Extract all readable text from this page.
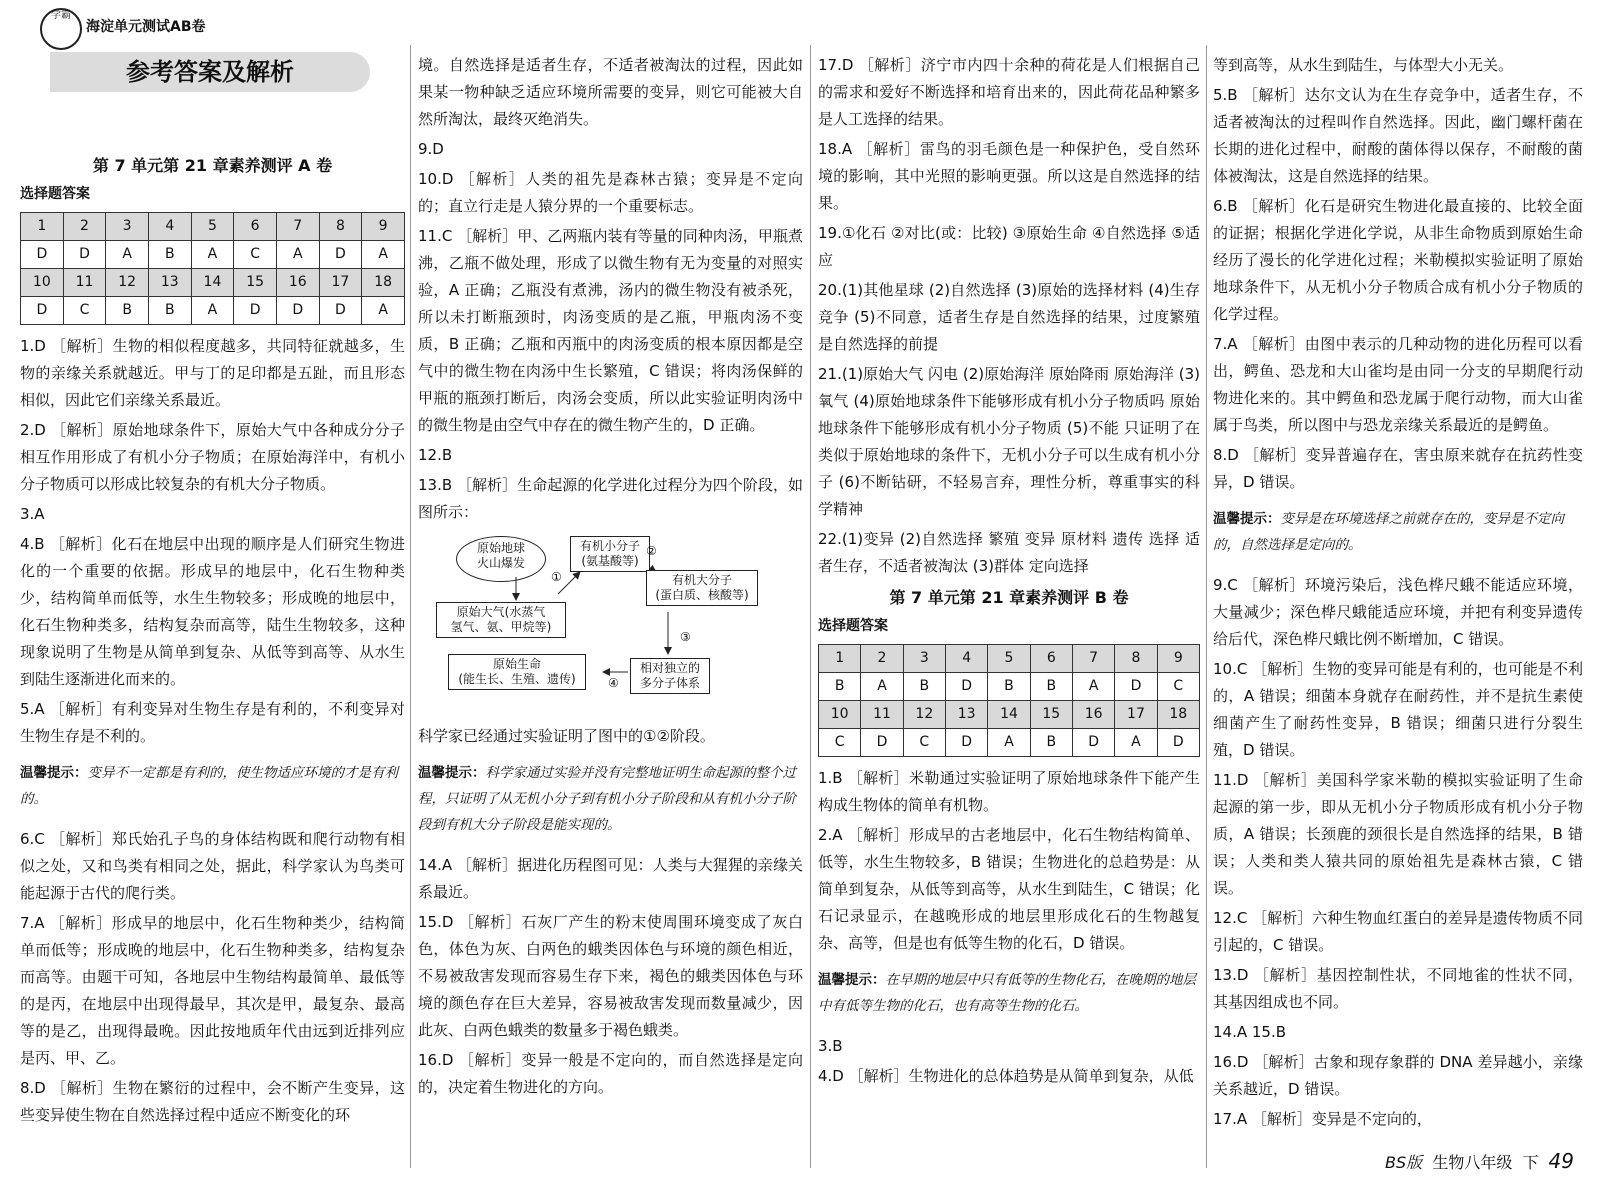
学霸
海淀单元测试AB卷
参考答案及解析
第 7 单元第 21 章素养测评 A 卷
选择题答案
1	2	3	4	5	6	7	8	9
D	D	A	B	A	C	A	D	A
10	11	12	13	14	15	16	17	18
D	C	B	B	A	D	D	D	A

1.D ［解析］生物的相似程度越多，共同特征就越多，生物的亲缘关系就越近。甲与丁的足印都是五趾，而且形态相似，因此它们亲缘关系最近。

2.D ［解析］原始地球条件下，原始大气中各种成分分子相互作用形成了有机小分子物质；在原始海洋中，有机小分子物质可以形成比较复杂的有机大分子物质。

3.A

4.B ［解析］化石在地层中出现的顺序是人们研究生物进化的一个重要的依据。形成早的地层中，化石生物种类少，结构简单而低等，水生生物较多；形成晚的地层中，化石生物种类多，结构复杂而高等，陆生生物较多，这种现象说明了生物是从简单到复杂、从低等到高等、从水生到陆生逐渐进化而来的。

5.A ［解析］有利变异对生物生存是有利的，不利变异对生物生存是不利的。

温馨提示：变异不一定都是有利的，使生物适应环境的才是有利的。

6.C ［解析］郑氏始孔子鸟的身体结构既和爬行动物有相似之处，又和鸟类有相同之处，据此，科学家认为鸟类可能起源于古代的爬行类。

7.A ［解析］形成早的地层中，化石生物种类少，结构简单而低等；形成晚的地层中，化石生物种类多，结构复杂而高等。由题干可知，各地层中生物结构最简单、最低等的是丙，在地层中出现得最早，其次是甲，最复杂、最高等的是乙，出现得最晚。因此按地质年代由远到近排列应是丙、甲、乙。

8.D ［解析］生物在繁衍的过程中，会不断产生变异，这些变异使生物在自然选择过程中适应不断变化的环

境。自然选择是适者生存，不适者被淘汰的过程，因此如果某一物种缺乏适应环境所需要的变异，则它可能被大自然所淘汰，最终灭绝消失。

9.D

10.D ［解析］人类的祖先是森林古猿；变异是不定向的；直立行走是人猿分界的一个重要标志。

11.C ［解析］甲、乙两瓶内装有等量的同种肉汤，甲瓶煮沸，乙瓶不做处理，形成了以微生物有无为变量的对照实验，A 正确；乙瓶没有煮沸，汤内的微生物没有被杀死，所以未打断瓶颈时，肉汤变质的是乙瓶，甲瓶肉汤不变质，B 正确；乙瓶和丙瓶中的肉汤变质的根本原因都是空气中的微生物在肉汤中生长繁殖，C 错误；将肉汤保鲜的甲瓶的瓶颈打断后，肉汤会变质，所以此实验证明肉汤中的微生物是由空气中存在的微生物产生的，D 正确。

12.B

13.B ［解析］生命起源的化学进化过程分为四个阶段，如图所示：

原始地球
火山爆发
有机小分子
(氨基酸等)
有机大分子
(蛋白质、核酸等)
原始大气(水蒸气
氢气、氨、甲烷等)
相对独立的
多分子体系
原始生命
(能生长、生殖、遗传)
①
②
③
④

科学家已经通过实验证明了图中的①②阶段。

温馨提示：科学家通过实验并没有完整地证明生命起源的整个过程，只证明了从无机小分子到有机小分子阶段和从有机小分子阶段到有机大分子阶段是能实现的。

14.A ［解析］据进化历程图可见：人类与大猩猩的亲缘关系最近。

15.D ［解析］石灰厂产生的粉末使周围环境变成了灰白色，体色为灰、白两色的蛾类因体色与环境的颜色相近，不易被敌害发现而容易生存下来，褐色的蛾类因体色与环境的颜色存在巨大差异，容易被敌害发现而数量减少，因此灰、白两色蛾类的数量多于褐色蛾类。

16.D ［解析］变异一般是不定向的，而自然选择是定向的，决定着生物进化的方向。

17.D ［解析］济宁市内四十余种的荷花是人们根据自己的需求和爱好不断选择和培育出来的，因此荷花品种繁多是人工选择的结果。

18.A ［解析］雷鸟的羽毛颜色是一种保护色，受自然环境的影响，其中光照的影响更强。所以这是自然选择的结果。

19.①化石 ②对比(或：比较) ③原始生命 ④自然选择 ⑤适应

20.(1)其他星球 (2)自然选择 (3)原始的选择材料 (4)生存竞争 (5)不同意，适者生存是自然选择的结果，过度繁殖是自然选择的前提

21.(1)原始大气 闪电 (2)原始海洋 原始降雨 原始海洋 (3)氧气 (4)原始地球条件下能够形成有机小分子物质吗 原始地球条件下能够形成有机小分子物质 (5)不能 只证明了在类似于原始地球的条件下，无机小分子可以生成有机小分子 (6)不断钻研，不轻易言弃，理性分析，尊重事实的科学精神

22.(1)变异 (2)自然选择 繁殖 变异 原材料 遗传 选择 适者生存，不适者被淘汰 (3)群体 定向选择

第 7 单元第 21 章素养测评 B 卷
选择题答案
1	2	3	4	5	6	7	8	9
B	A	B	D	B	B	A	D	C
10	11	12	13	14	15	16	17	18
C	D	C	D	A	B	D	A	D

1.B ［解析］米勒通过实验证明了原始地球条件下能产生构成生物体的简单有机物。

2.A ［解析］形成早的古老地层中，化石生物结构简单、低等，水生生物较多，B 错误；生物进化的总趋势是：从简单到复杂，从低等到高等，从水生到陆生，C 错误；化石记录显示，在越晚形成的地层里形成化石的生物越复杂、高等，但是也有低等生物的化石，D 错误。

温馨提示：在早期的地层中只有低等的生物化石，在晚期的地层中有低等生物的化石，也有高等生物的化石。

3.B

4.D ［解析］生物进化的总体趋势是从简单到复杂，从低

等到高等，从水生到陆生，与体型大小无关。

5.B ［解析］达尔文认为在生存竞争中，适者生存，不适者被淘汰的过程叫作自然选择。因此，幽门螺杆菌在长期的进化过程中，耐酸的菌体得以保存，不耐酸的菌体被淘汰，这是自然选择的结果。

6.B ［解析］化石是研究生物进化最直接的、比较全面的证据；根据化学进化学说，从非生命物质到原始生命经历了漫长的化学进化过程；米勒模拟实验证明了原始地球条件下，从无机小分子物质合成有机小分子物质的化学过程。

7.A ［解析］由图中表示的几种动物的进化历程可以看出，鳄鱼、恐龙和大山雀均是由同一分支的早期爬行动物进化来的。其中鳄鱼和恐龙属于爬行动物，而大山雀属于鸟类，所以图中与恐龙亲缘关系最近的是鳄鱼。

8.D ［解析］变异普遍存在，害虫原来就存在抗药性变异，D 错误。

温馨提示：变异是在环境选择之前就存在的，变异是不定向的，自然选择是定向的。

9.C ［解析］环境污染后，浅色桦尺蛾不能适应环境，大量减少；深色桦尺蛾能适应环境，并把有利变异遗传给后代，深色桦尺蛾比例不断增加，C 错误。

10.C ［解析］生物的变异可能是有利的，也可能是不利的，A 错误；细菌本身就存在耐药性，并不是抗生素使细菌产生了耐药性变异，B 错误；细菌只进行分裂生殖，D 错误。

11.D ［解析］美国科学家米勒的模拟实验证明了生命起源的第一步，即从无机小分子物质形成有机小分子物质，A 错误；长颈鹿的颈很长是自然选择的结果，B 错误；人类和类人猿共同的原始祖先是森林古猿，C 错误。

12.C ［解析］六种生物血红蛋白的差异是遗传物质不同引起的，C 错误。

13.D ［解析］基因控制性状，不同地雀的性状不同，其基因组成也不同。

14.A 15.B

16.D ［解析］古象和现存象群的 DNA 差异越小，亲缘关系越近，D 错误。

17.A ［解析］变异是不定向的，

BS版 生物八年级 下 49
